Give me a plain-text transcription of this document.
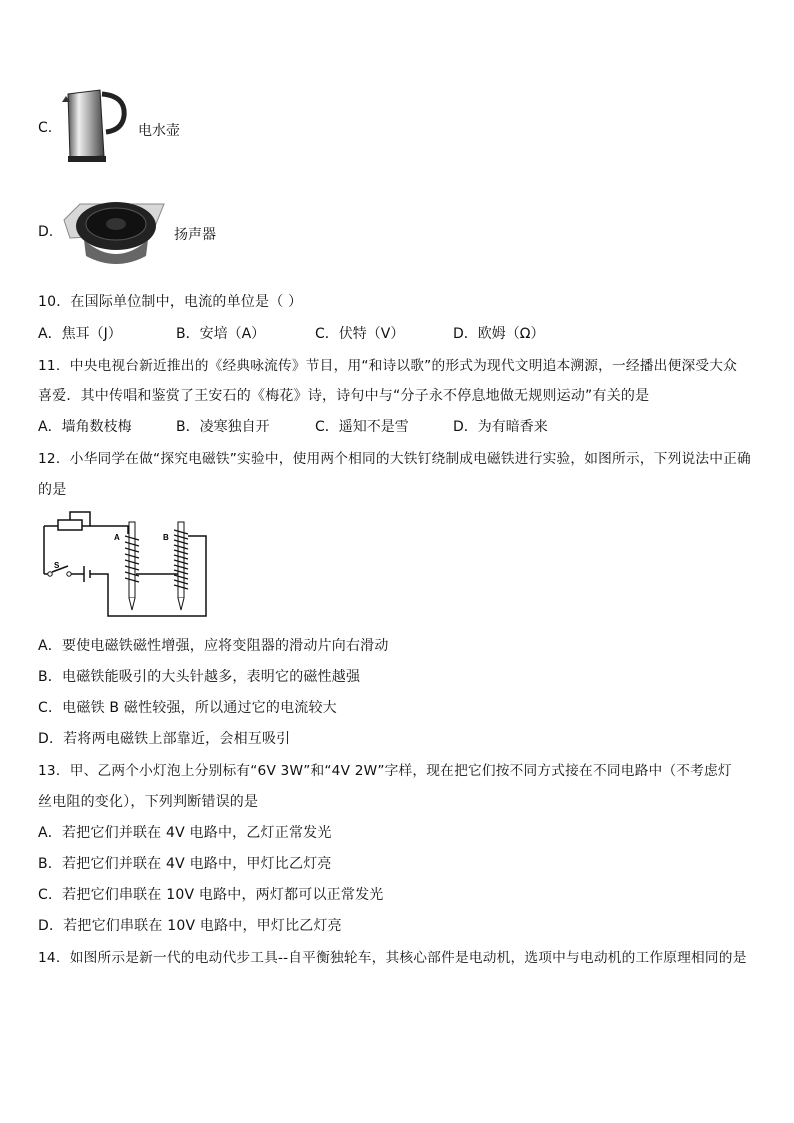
C.	电水壶
D.	扬声器
10．在国际单位制中，电流的单位是（ ）
A．焦耳（J）	B．安培（A）	C．伏特（V）	D．欧姆（Ω）
11．中央电视台新近推出的《经典咏流传》节目，用“和诗以歌”的形式为现代文明追本溯源，一经播出便深受大众
喜爱．其中传唱和鉴赏了王安石的《梅花》诗，诗句中与“分子永不停息地做无规则运动”有关的是
A．墙角数枝梅	B．凌寒独自开	C．遥知不是雪	D．为有暗香来
12．小华同学在做“探究电磁铁”实验中，使用两个相同的大铁钉绕制成电磁铁进行实验，如图所示，下列说法中正确
的是
A	B
S
A．要使电磁铁磁性增强，应将变阻器的滑动片向右滑动
B．电磁铁能吸引的大头针越多，表明它的磁性越强
C．电磁铁 B 磁性较强，所以通过它的电流较大
D．若将两电磁铁上部靠近，会相互吸引
13．甲、乙两个小灯泡上分别标有“6V 3W”和“4V 2W”字样，现在把它们按不同方式接在不同电路中（不考虑灯
丝电阻的变化），下列判断错误的是
A．若把它们并联在 4V 电路中，乙灯正常发光
B．若把它们并联在 4V 电路中，甲灯比乙灯亮
C．若把它们串联在 10V 电路中，两灯都可以正常发光
D．若把它们串联在 10V 电路中，甲灯比乙灯亮
14．如图所示是新一代的电动代步工具--自平衡独轮车，其核心部件是电动机，选项中与电动机的工作原理相同的是
